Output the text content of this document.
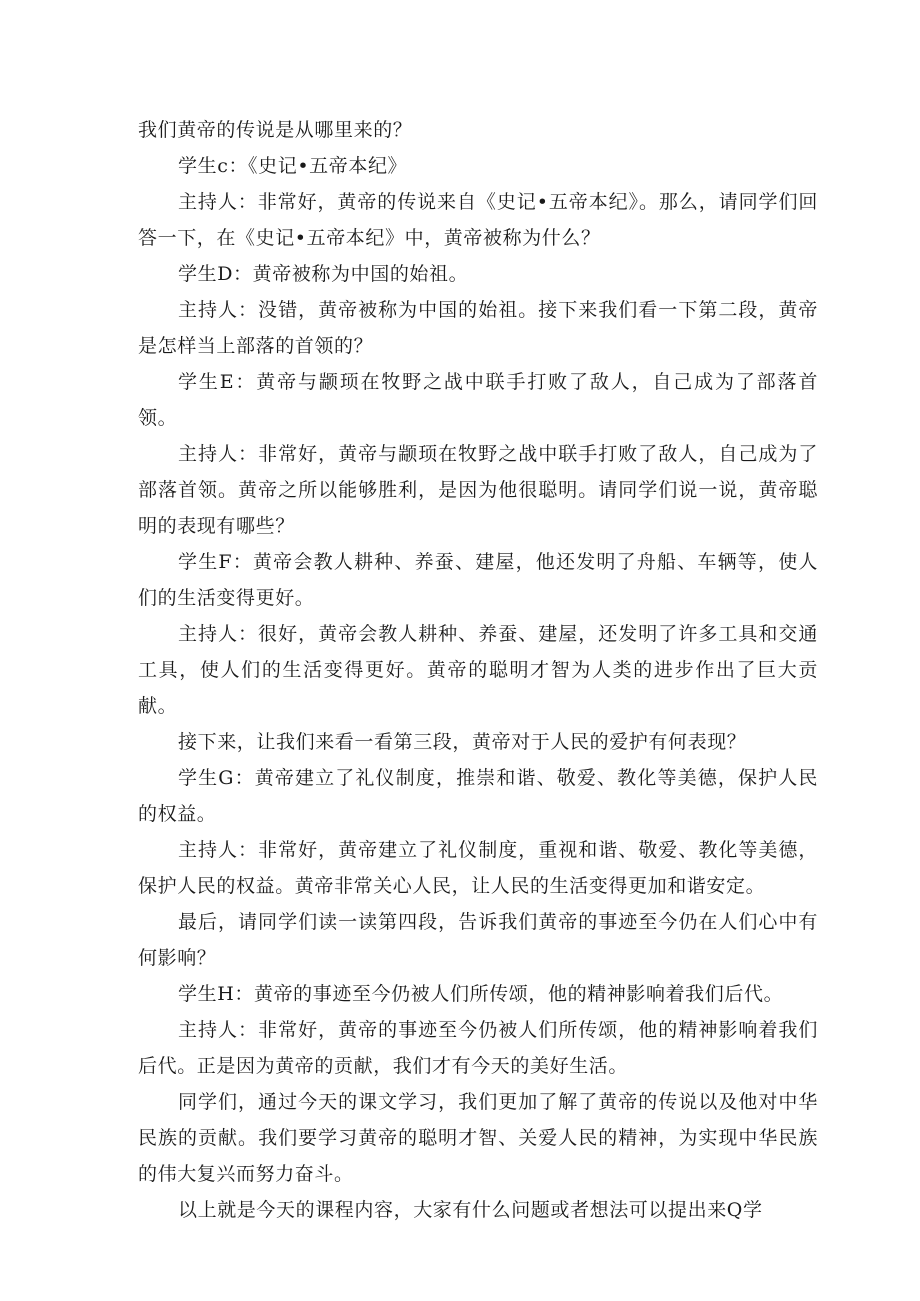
我们黄帝的传说是从哪里来的？

学生c：《史记•五帝本纪》

主持人：非常好，黄帝的传说来自《史记•五帝本纪》。那么，请同学们回答一下，在《史记•五帝本纪》中，黄帝被称为什么？

学生D：黄帝被称为中国的始祖。

主持人：没错，黄帝被称为中国的始祖。接下来我们看一下第二段，黄帝是怎样当上部落的首领的？

学生E：黄帝与颛顼在牧野之战中联手打败了敌人，自己成为了部落首领。

主持人：非常好，黄帝与颛顼在牧野之战中联手打败了敌人，自己成为了部落首领。黄帝之所以能够胜利，是因为他很聪明。请同学们说一说，黄帝聪明的表现有哪些？

学生F：黄帝会教人耕种、养蚕、建屋，他还发明了舟船、车辆等，使人们的生活变得更好。

主持人：很好，黄帝会教人耕种、养蚕、建屋，还发明了许多工具和交通工具，使人们的生活变得更好。黄帝的聪明才智为人类的进步作出了巨大贡献。

接下来，让我们来看一看第三段，黄帝对于人民的爱护有何表现？

学生G：黄帝建立了礼仪制度，推崇和谐、敬爱、教化等美德，保护人民的权益。

主持人：非常好，黄帝建立了礼仪制度，重视和谐、敬爱、教化等美德，保护人民的权益。黄帝非常关心人民，让人民的生活变得更加和谐安定。

最后，请同学们读一读第四段，告诉我们黄帝的事迹至今仍在人们心中有何影响？

学生H：黄帝的事迹至今仍被人们所传颂，他的精神影响着我们后代。

主持人：非常好，黄帝的事迹至今仍被人们所传颂，他的精神影响着我们后代。正是因为黄帝的贡献，我们才有今天的美好生活。

同学们，通过今天的课文学习，我们更加了解了黄帝的传说以及他对中华民族的贡献。我们要学习黄帝的聪明才智、关爱人民的精神，为实现中华民族的伟大复兴而努力奋斗。

以上就是今天的课程内容，大家有什么问题或者想法可以提出来Q学
